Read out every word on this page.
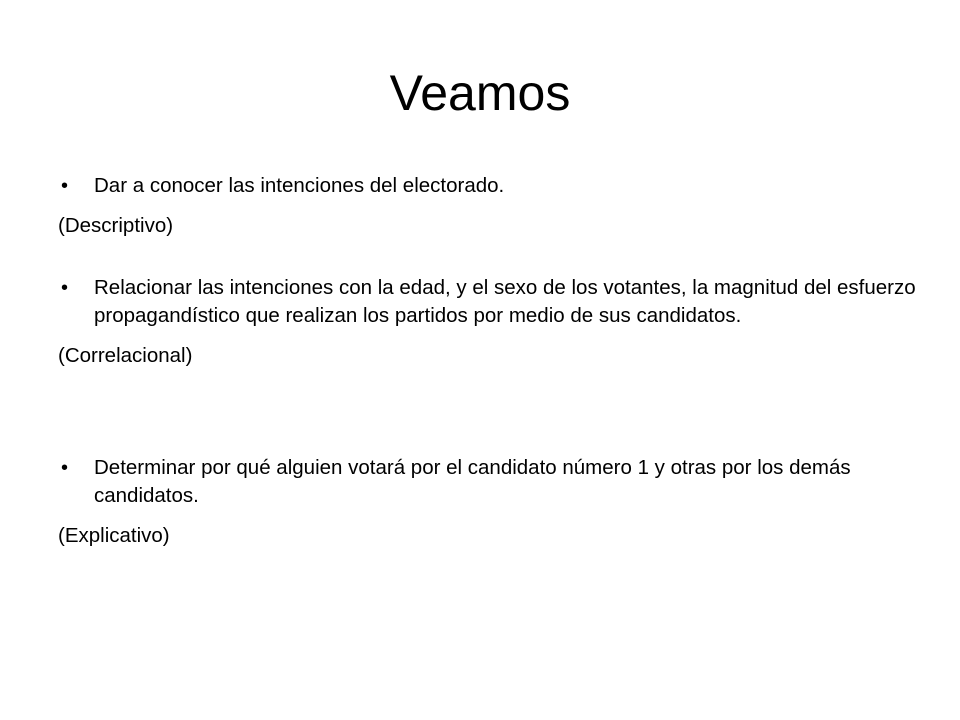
Veamos
• Dar a conocer las intenciones del electorado.
(Descriptivo)
• Relacionar las intenciones con la edad, y el sexo de los votantes, la magnitud del esfuerzo propagandístico que realizan los partidos por medio de sus candidatos.
(Correlacional)
• Determinar por qué alguien votará por el candidato número 1 y otras por los demás candidatos.
(Explicativo)
